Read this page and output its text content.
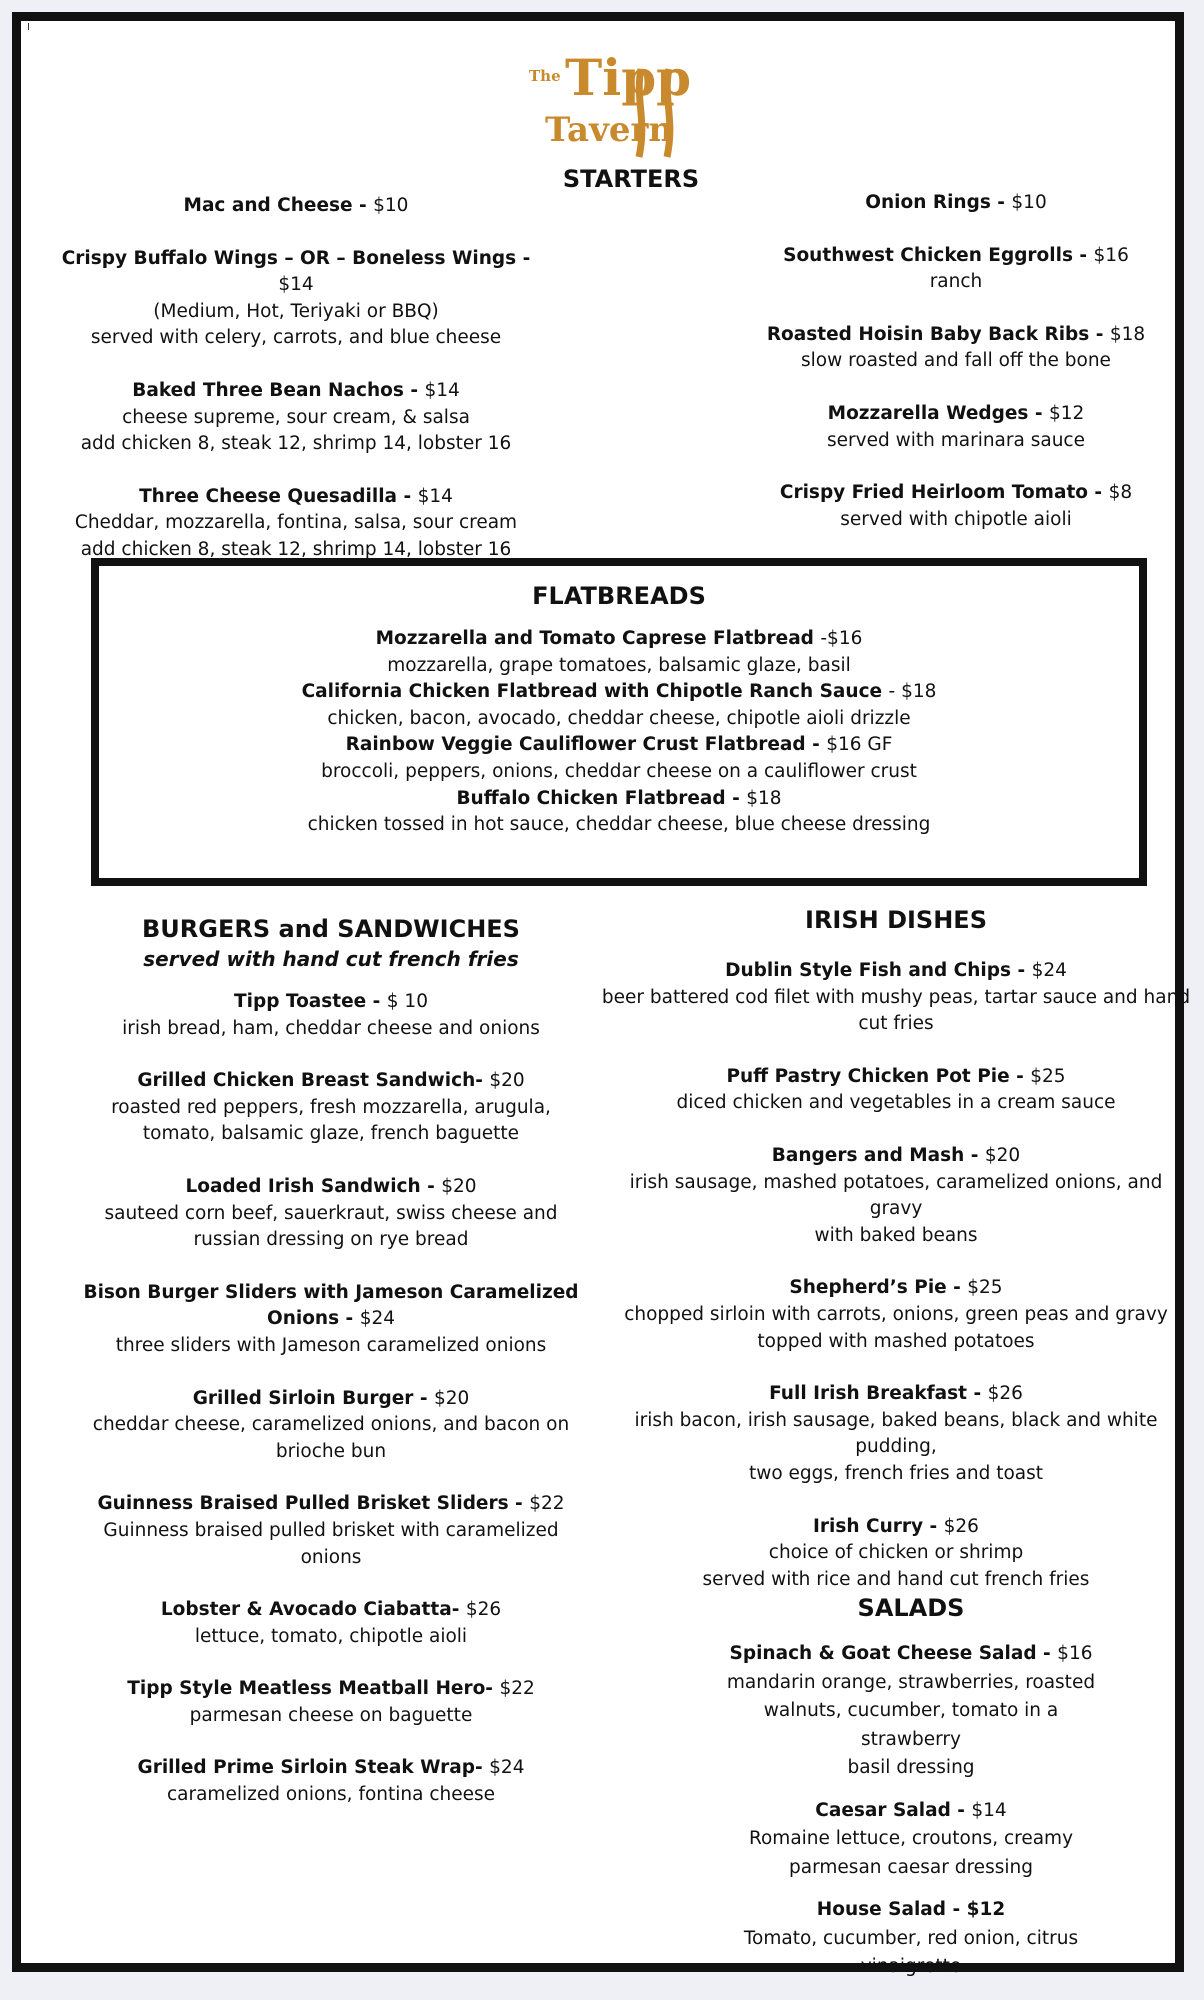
I
The Tipp
Tavern
STARTERS
Mac and Cheese - $10
Crispy Buffalo Wings – OR – Boneless Wings - $14
(Medium, Hot, Teriyaki or BBQ)
served with celery, carrots, and blue cheese
Baked Three Bean Nachos - $14
cheese supreme, sour cream, & salsa
add chicken 8, steak 12, shrimp 14, lobster 16
Three Cheese Quesadilla - $14
Cheddar, mozzarella, fontina, salsa, sour cream
add chicken 8, steak 12, shrimp 14, lobster 16
Onion Rings - $10
Southwest Chicken Eggrolls - $16
ranch
Roasted Hoisin Baby Back Ribs - $18
slow roasted and fall off the bone
Mozzarella Wedges - $12
served with marinara sauce
Crispy Fried Heirloom Tomato - $8
served with chipotle aioli
FLATBREADS
Mozzarella and Tomato Caprese Flatbread -$16
mozzarella, grape tomatoes, balsamic glaze, basil
California Chicken Flatbread with Chipotle Ranch Sauce - $18
chicken, bacon, avocado, cheddar cheese, chipotle aioli drizzle
Rainbow Veggie Cauliflower Crust Flatbread - $16 GF
broccoli, peppers, onions, cheddar cheese on a cauliflower crust
Buffalo Chicken Flatbread - $18
chicken tossed in hot sauce, cheddar cheese, blue cheese dressing
BURGERS and SANDWICHES
served with hand cut french fries
Tipp Toastee - $ 10
irish bread, ham, cheddar cheese and onions
Grilled Chicken Breast Sandwich- $20
roasted red peppers, fresh mozzarella, arugula,
tomato, balsamic glaze, french baguette
Loaded Irish Sandwich - $20
sauteed corn beef, sauerkraut, swiss cheese and
russian dressing on rye bread
Bison Burger Sliders with Jameson Caramelized Onions - $24
three sliders with Jameson caramelized onions
Grilled Sirloin Burger - $20
cheddar cheese, caramelized onions, and bacon on
brioche bun
Guinness Braised Pulled Brisket Sliders - $22
Guinness braised pulled brisket with caramelized
onions
Lobster & Avocado Ciabatta- $26
lettuce, tomato, chipotle aioli
Tipp Style Meatless Meatball Hero- $22
parmesan cheese on baguette
Grilled Prime Sirloin Steak Wrap- $24
caramelized onions, fontina cheese
IRISH DISHES
Dublin Style Fish and Chips - $24
beer battered cod filet with mushy peas, tartar sauce and hand
cut fries
Puff Pastry Chicken Pot Pie - $25
diced chicken and vegetables in a cream sauce
Bangers and Mash - $20
irish sausage, mashed potatoes, caramelized onions, and gravy
with baked beans
Shepherd’s Pie - $25
chopped sirloin with carrots, onions, green peas and gravy
topped with mashed potatoes
Full Irish Breakfast - $26
irish bacon, irish sausage, baked beans, black and white pudding,
two eggs, french fries and toast
Irish Curry - $26
choice of chicken or shrimp
served with rice and hand cut french fries
SALADS
Spinach & Goat Cheese Salad - $16
mandarin orange, strawberries, roasted
walnuts, cucumber, tomato in a strawberry
basil dressing
Caesar Salad - $14
Romaine lettuce, croutons, creamy
parmesan caesar dressing
House Salad - $12
Tomato, cucumber, red onion, citrus
vinaigrette
